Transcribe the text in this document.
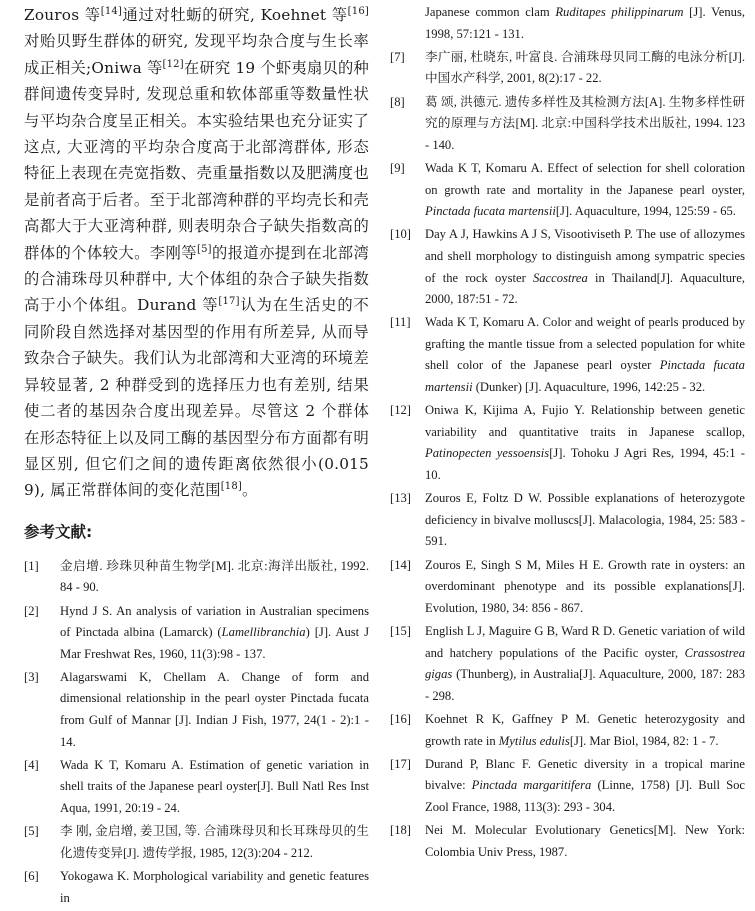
Zouros 等[14]通过对牡蛎的研究, Koehnet 等[16]对贻贝野生群体的研究, 发现平均杂合度与生长率成正相关;Oniwa 等[12]在研究 19 个虾夷扇贝的种群间遗传变异时, 发现总重和软体部重等数量性状与平均杂合度呈正相关。本实验结果也充分证实了这点, 大亚湾的平均杂合度高于北部湾群体, 形态特征上表现在壳宽指数、壳重量指数以及肥满度也是前者高于后者。至于北部湾种群的平均壳长和壳高都大于大亚湾种群, 则表明杂合子缺失指数高的群体的个体较大。李刚等[5]的报道亦提到在北部湾的合浦珠母贝种群中, 大个体组的杂合子缺失指数高于小个体组。Durand 等[17]认为在生活史的不同阶段自然选择对基因型的作用有所差异, 从而导致杂合子缺失。我们认为北部湾和大亚湾的环境差异较显著, 2 种群受到的选择压力也有差别, 结果使二者的基因杂合度出现差异。尽管这 2 个群体在形态特征上以及同工酶的基因型分布方面都有明显区别, 但它们之间的遗传距离依然很小(0.015 9), 属正常群体间的变化范围[18]。

参考文献:
[1]	金启增. 珍珠贝种苗生物学[M]. 北京:海洋出版社, 1992. 84 - 90.
[2]	Hynd J S. An analysis of variation in Australian specimens of Pinctada albina (Lamarck) (Lamellibranchia) [J]. Aust J Mar Freshwat Res, 1960, 11(3):98 - 137.
[3]	Alagarswami K, Chellam A. Change of form and dimensional relationship in the pearl oyster Pinctada fucata from Gulf of Mannar [J]. Indian J Fish, 1977, 24(1 - 2):1 - 14.
[4]	Wada K T, Komaru A. Estimation of genetic variation in shell traits of the Japanese pearl oyster[J]. Bull Natl Res Inst Aqua, 1991, 20:19 - 24.
[5]	李 刚, 金启增, 姜卫国, 等. 合浦珠母贝和长耳珠母贝的生化遗传变异[J]. 遗传学报, 1985, 12(3):204 - 212.
[6]	Yokogawa K. Morphological variability and genetic features in
Japanese common clam Ruditapes philippinarum [J]. Venus, 1998, 57:121 - 131.
[7]	李广丽, 杜晓东, 叶富良. 合浦珠母贝同工酶的电泳分析[J]. 中国水产科学, 2001, 8(2):17 - 22.
[8]	葛 颂, 洪德元. 遗传多样性及其检测方法[A]. 生物多样性研究的原理与方法[M]. 北京:中国科学技术出版社, 1994. 123 - 140.
[9]	Wada K T, Komaru A. Effect of selection for shell coloration on growth rate and mortality in the Japanese pearl oyster, Pinctada fucata martensii[J]. Aquaculture, 1994, 125:59 - 65.
[10]	Day A J, Hawkins A J S, Visootiviseth P. The use of allozymes and shell morphology to distinguish among sympatric species of the rock oyster Saccostrea in Thailand[J]. Aquaculture, 2000, 187:51 - 72.
[11]	Wada K T, Komaru A. Color and weight of pearls produced by grafting the mantle tissue from a selected population for white shell color of the Japanese pearl oyster Pinctada fucata martensii (Dunker) [J]. Aquaculture, 1996, 142:25 - 32.
[12]	Oniwa K, Kijima A, Fujio Y. Relationship between genetic variability and quantitative traits in Japanese scallop, Patinopecten yessoensis[J]. Tohoku J Agri Res, 1994, 45:1 - 10.
[13]	Zouros E, Foltz D W. Possible explanations of heterozygote deficiency in bivalve molluscs[J]. Malacologia, 1984, 25: 583 - 591.
[14]	Zouros E, Singh S M, Miles H E. Growth rate in oysters: an overdominant phenotype and its possible explanations[J]. Evolution, 1980, 34: 856 - 867.
[15]	English L J, Maguire G B, Ward R D. Genetic variation of wild and hatchery populations of the Pacific oyster, Crassostrea gigas (Thunberg), in Australia[J]. Aquaculture, 2000, 187: 283 - 298.
[16]	Koehnet R K, Gaffney P M. Genetic heterozygosity and growth rate in Mytilus edulis[J]. Mar Biol, 1984, 82: 1 - 7.
[17]	Durand P, Blanc F. Genetic diversity in a tropical marine bivalve: Pinctada margaritifera (Linne, 1758) [J]. Bull Soc Zool France, 1988, 113(3): 293 - 304.
[18]	Nei M. Molecular Evolutionary Genetics[M]. New York: Colombia Univ Press, 1987.
